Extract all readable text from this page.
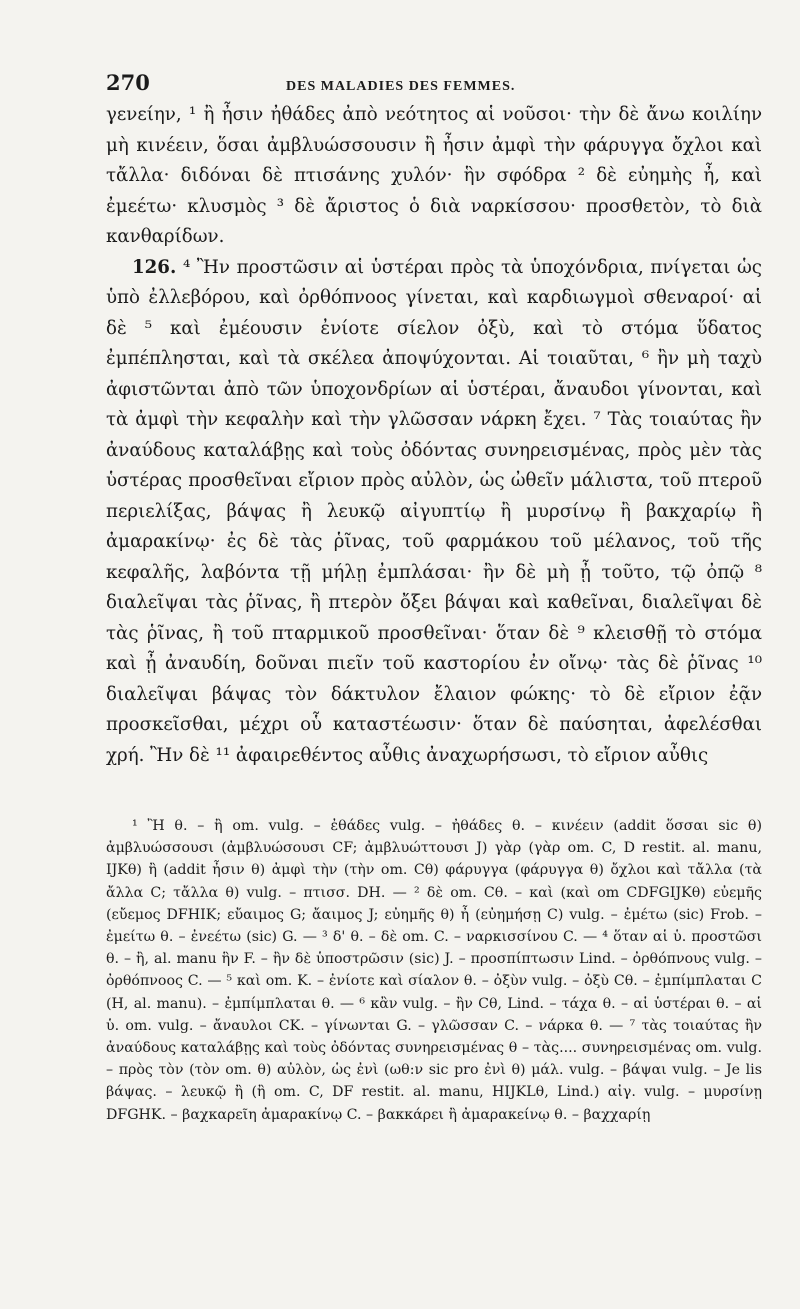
270	DES MALADIES DES FEMMES.

γενείην, ¹ ἢ ἦσιν ἠθάδες ἀπὸ νεότητος αἱ νοῦσοι· τὴν δὲ ἄνω κοιλίην μὴ κινέειν, ὅσαι ἀμβλυώσσουσιν ἢ ἦσιν ἀμφὶ τὴν φάρυγγα ὄχλοι καὶ τἄλλα· διδόναι δὲ πτισάνης χυλόν· ἣν σφόδρα ² δὲ εὐημὴς ἦ, καὶ ἐμεέτω· κλυσμὸς ³ δὲ ἄριστος ὁ διὰ ναρκίσσου· προσθετὸν, τὸ διὰ κανθαρίδων.

126. ⁴ Ἢν προστῶσιν αἱ ὑστέραι πρὸς τὰ ὑποχόνδρια, πνίγεται ὡς ὑπὸ ἐλλεβόρου, καὶ ὀρθόπνοος γίνεται, καὶ καρδιωγμοὶ σθεναροί· αἱ δὲ ⁵ καὶ ἐμέουσιν ἐνίοτε σίελον ὀξὺ, καὶ τὸ στόμα ὕδατος ἐμπέπλησται, καὶ τὰ σκέλεα ἀποψύχονται. Αἱ τοιαῦται, ⁶ ἢν μὴ ταχὺ ἀφιστῶνται ἀπὸ τῶν ὑποχονδρίων αἱ ὑστέραι, ἄναυδοι γίνονται, καὶ τὰ ἀμφὶ τὴν κεφαλὴν καὶ τὴν γλῶσσαν νάρκη ἔχει. ⁷ Τὰς τοιαύτας ἢν ἀναύδους καταλάβῃς καὶ τοὺς ὀδόντας συνηρεισμένας, πρὸς μὲν τὰς ὑστέρας προσθεῖναι εἴριον πρὸς αὐλὸν, ὡς ὠθεῖν μάλιστα, τοῦ πτεροῦ περιελίξας, βάψας ἢ λευκῷ αἰγυπτίῳ ἢ μυρσίνῳ ἢ βακχαρίῳ ἢ ἀμαρακίνῳ· ἐς δὲ τὰς ῥῖνας, τοῦ φαρμάκου τοῦ μέλανος, τοῦ τῆς κεφαλῆς, λαβόντα τῇ μήλῃ ἐμπλάσαι· ἢν δὲ μὴ ᾖ τοῦτο, τῷ ὀπῷ ⁸ διαλεῖψαι τὰς ῥῖνας, ἢ πτερὸν ὄξει βάψαι καὶ καθεῖναι, διαλεῖψαι δὲ τὰς ῥῖνας, ἢ τοῦ πταρμικοῦ προσθεῖναι· ὅταν δὲ ⁹ κλεισθῇ τὸ στόμα καὶ ᾖ ἀναυδίη, δοῦναι πιεῖν τοῦ καστορίου ἐν οἴνῳ· τὰς δὲ ῥῖνας ¹⁰ διαλεῖψαι βάψας τὸν δάκτυλον ἔλαιον φώκης· τὸ δὲ εἴριον ἐᾷν προσκεῖσθαι, μέχρι οὗ καταστέωσιν· ὅταν δὲ παύσηται, ἀφελέσθαι χρή. Ἢν δὲ ¹¹ ἀφαιρεθέντος αὖθις ἀναχωρήσωσι, τὸ εἴριον αὖθις

¹ Ἢ θ. – ἢ om. vulg. – ἐθάδες vulg. – ἠθάδες θ. – κινέειν (addit ὅσσαι sic θ) ἀμβλυώσσουσι (ἀμβλυώσουσι CF; ἀμβλυώττουσι J) γὰρ (γὰρ om. C, D restit. al. manu, IJKθ) ἢ (addit ἦσιν θ) ἀμφὶ τὴν (τὴν om. Cθ) φάρυγγα (φάρυγγα θ) ὄχλοι καὶ τἄλλα (τὰ ἄλλα C; τἄλλα θ) vulg. – πτισσ. DH. — ² δὲ om. Cθ. – καὶ (καὶ om CDFGIJKθ) εὐεμῆς (εὔεμος DFHIK; εὔαιμος G; ἄαιμος J; εὐημῆς θ) ἦ (εὐημήσῃ C) vulg. – ἐμέτω (sic) Frob. – ἐμείτω θ. – ἐνεέτω (sic) G. — ³ δ' θ. – δὲ om. C. – ναρκισσίνου C. — ⁴ ὅταν αἱ ὑ. προστῶσι θ. – ἢ, al. manu ἣν F. – ἢν δὲ ὑποστρῶσιν (sic) J. – προσπίπτωσιν Lind. – ὀρθόπνους vulg. – ὀρθόπνοος C. — ⁵ καὶ om. K. – ἐνίοτε καὶ σίαλον θ. – ὀξὺν vulg. – ὀξὺ Cθ. – ἐμπίμπλαται C (H, al. manu). – ἐμπίμπλαται θ. — ⁶ κἂν vulg. – ἢν Cθ, Lind. – τάχα θ. – αἱ ὑστέραι θ. – αἱ ὑ. om. vulg. – ἄναυλοι CK. – γίνωνται G. – γλῶσσαν C. – νάρκα θ. — ⁷ τὰς τοιαύτας ἢν ἀναύδους καταλάβῃς καὶ τοὺς ὀδόντας συνηρεισμένας θ – τὰς.... συνηρεισμένας om. vulg. – πρὸς τὸν (τὸν om. θ) αὐλὸν, ὡς ἐνὶ (ωθ:ν sic pro ἐνὶ θ) μάλ. vulg. – βάψαι vulg. – Je lis βάψας. – λευκῷ ἢ (ἢ om. C, DF restit. al. manu, HIJKLθ, Lind.) αἰγ. vulg. – μυρσίνῃ DFGHK. – βαχκαρεῖη ἀμαρακίνῳ C. – βακκάρει ἢ ἀμαρακείνῳ θ. – βαχχαρίῃ
